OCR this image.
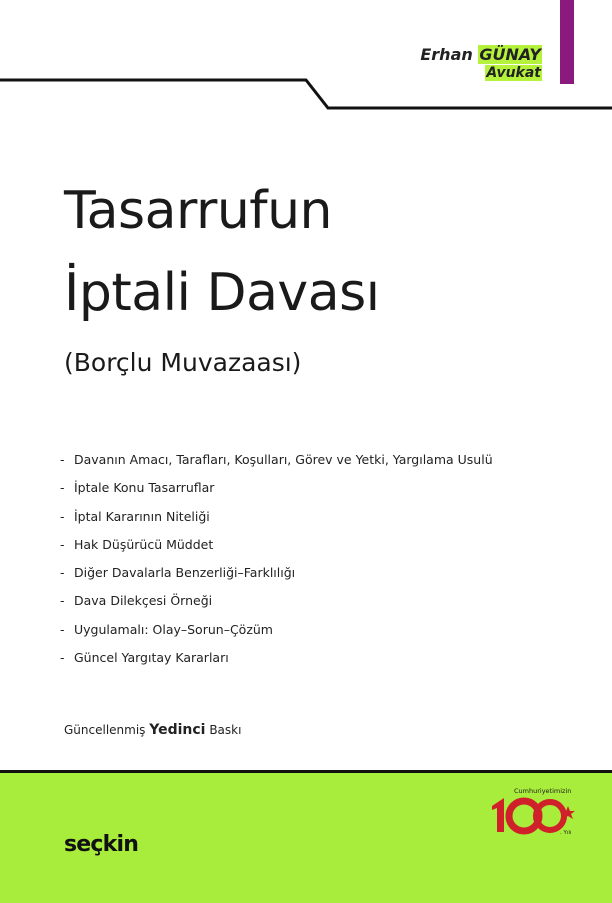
Erhan GÜNAY
Avukat
Tasarrufun
İptali Davası
(Borçlu Muvazaası)
- Davanın Amacı, Tarafları, Koşulları, Görev ve Yetki, Yargılama Usulü
- İptale Konu Tasarruflar
- İptal Kararının Niteliği
- Hak Düşürücü Müddet
- Diğer Davalarla Benzerliği–Farklılığı
- Dava Dilekçesi Örneği
- Uygulamalı: Olay–Sorun–Çözüm
- Güncel Yargıtay Kararları
Güncellenmiş Yedinci Baskı
seçkin
Cumhuriyetimizin
. Yılı
